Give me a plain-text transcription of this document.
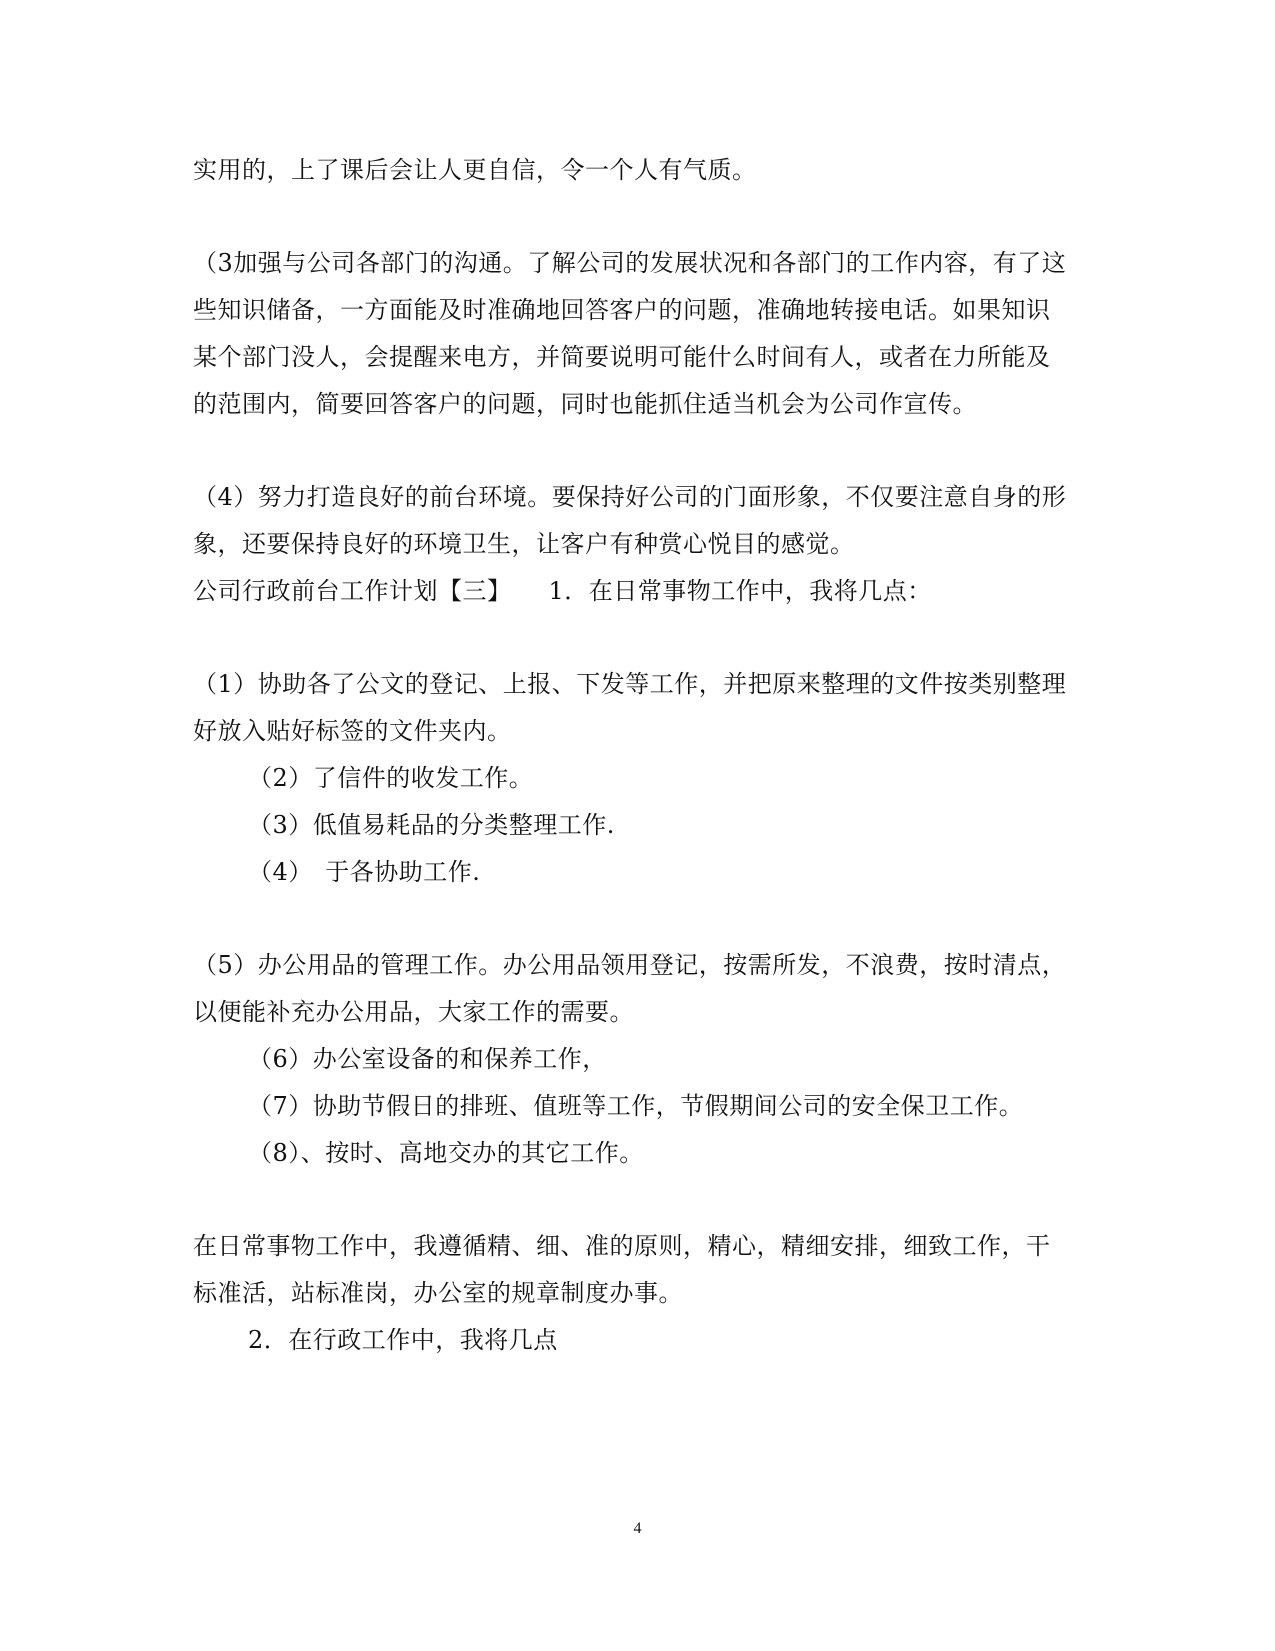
实用的，上了课后会让人更自信，令一个人有气质。
（3加强与公司各部门的沟通。了解公司的发展状况和各部门的工作内容，有了这
些知识储备，一方面能及时准确地回答客户的问题，准确地转接电话。如果知识
某个部门没人，会提醒来电方，并简要说明可能什么时间有人，或者在力所能及
的范围内，简要回答客户的问题，同时也能抓住适当机会为公司作宣传。
（4）努力打造良好的前台环境。要保持好公司的门面形象，不仅要注意自身的形
象，还要保持良好的环境卫生，让客户有种赏心悦目的感觉。
公司行政前台工作计划【三】　　1．在日常事物工作中，我将几点：
（1）协助各了公文的登记、上报、下发等工作，并把原来整理的文件按类别整理
好放入贴好标签的文件夹内。
（2）了信件的收发工作。
（3）低值易耗品的分类整理工作.
（4）　于各协助工作.
（5）办公用品的管理工作。办公用品领用登记，按需所发，不浪费，按时清点，
以便能补充办公用品，大家工作的需要。
（6）办公室设备的和保养工作，
（7）协助节假日的排班、值班等工作，节假期间公司的安全保卫工作。
（8）、按时、高地交办的其它工作。
在日常事物工作中，我遵循精、细、准的原则，精心，精细安排，细致工作，干
标准活，站标准岗，办公室的规章制度办事。
2．在行政工作中，我将几点
4
